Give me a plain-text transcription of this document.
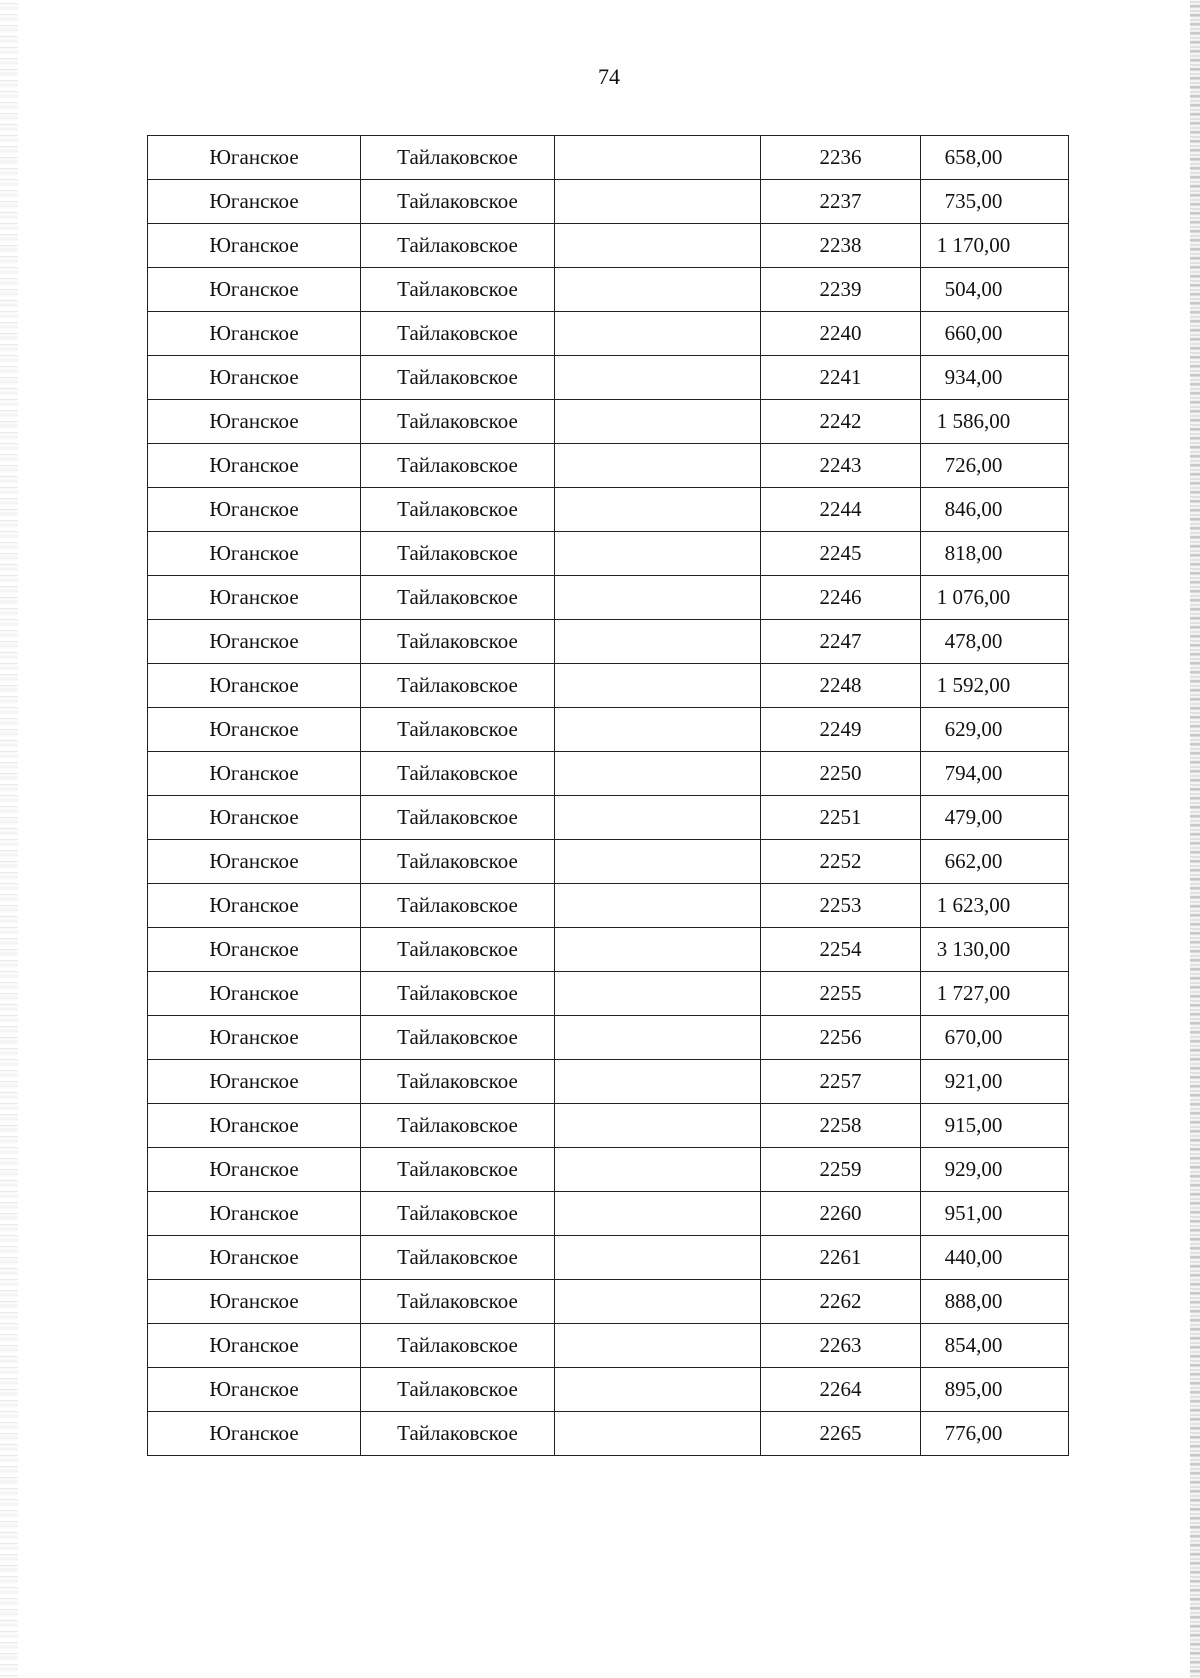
74
Юганское	Тайлаковское		2236	658,00
Юганское	Тайлаковское		2237	735,00
Юганское	Тайлаковское		2238	1 170,00
Юганское	Тайлаковское		2239	504,00
Юганское	Тайлаковское		2240	660,00
Юганское	Тайлаковское		2241	934,00
Юганское	Тайлаковское		2242	1 586,00
Юганское	Тайлаковское		2243	726,00
Юганское	Тайлаковское		2244	846,00
Юганское	Тайлаковское		2245	818,00
Юганское	Тайлаковское		2246	1 076,00
Юганское	Тайлаковское		2247	478,00
Юганское	Тайлаковское		2248	1 592,00
Юганское	Тайлаковское		2249	629,00
Юганское	Тайлаковское		2250	794,00
Юганское	Тайлаковское		2251	479,00
Юганское	Тайлаковское		2252	662,00
Юганское	Тайлаковское		2253	1 623,00
Юганское	Тайлаковское		2254	3 130,00
Юганское	Тайлаковское		2255	1 727,00
Юганское	Тайлаковское		2256	670,00
Юганское	Тайлаковское		2257	921,00
Юганское	Тайлаковское		2258	915,00
Юганское	Тайлаковское		2259	929,00
Юганское	Тайлаковское		2260	951,00
Юганское	Тайлаковское		2261	440,00
Юганское	Тайлаковское		2262	888,00
Юганское	Тайлаковское		2263	854,00
Юганское	Тайлаковское		2264	895,00
Юганское	Тайлаковское		2265	776,00
